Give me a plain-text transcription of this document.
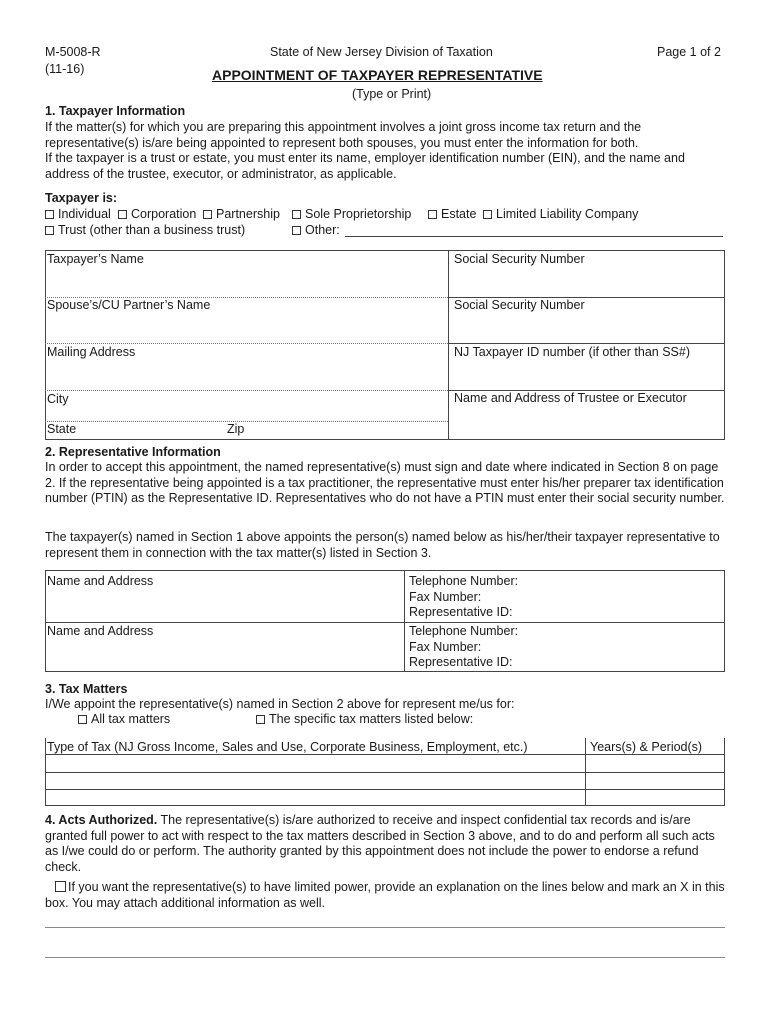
M-5008-R
(11-16)
State of New Jersey Division of Taxation	Page 1 of 2
APPOINTMENT OF TAXPAYER REPRESENTATIVE
(Type or Print)
1. Taxpayer Information
If the matter(s) for which you are preparing this appointment involves a joint gross income tax return and the representative(s) is/are being appointed to represent both spouses, you must enter the information for both.
If the taxpayer is a trust or estate, you must enter its name, employer identification number (EIN), and the name and address of the trustee, executor, or administrator, as applicable.
Taxpayer is:
Individual	Corporation	Partnership	Sole Proprietorship	Estate	Limited Liability Company
Trust (other than a business trust)	Other:
Taxpayer’s Name	Social Security Number
Spouse’s/CU Partner’s Name	Social Security Number
Mailing Address	NJ Taxpayer ID number (if other than SS#)
City	Name and Address of Trustee or Executor
State	Zip
2. Representative Information
In order to accept this appointment, the named representative(s) must sign and date where indicated in Section 8 on page 2. If the representative being appointed is a tax practitioner, the representative must enter his/her preparer tax identification number (PTIN) as the Representative ID. Representatives who do not have a PTIN must enter their social security number.
The taxpayer(s) named in Section 1 above appoints the person(s) named below as his/her/their taxpayer representative to represent them in connection with the tax matter(s) listed in Section 3.
Name and Address	Telephone Number:
Fax Number:
Representative ID:
Name and Address	Telephone Number:
Fax Number:
Representative ID:
3. Tax Matters
I/We appoint the representative(s) named in Section 2 above for represent me/us for:
All tax matters	The specific tax matters listed below:
Type of Tax (NJ Gross Income, Sales and Use, Corporate Business, Employment, etc.)	Years(s) & Period(s)
4. Acts Authorized. The representative(s) is/are authorized to receive and inspect confidential tax records and is/are granted full power to act with respect to the tax matters described in Section 3 above, and to do and perform all such acts as I/we could do or perform. The authority granted by this appointment does not include the power to endorse a refund check.
If you want the representative(s) to have limited power, provide an explanation on the lines below and mark an X in this box. You may attach additional information as well.
